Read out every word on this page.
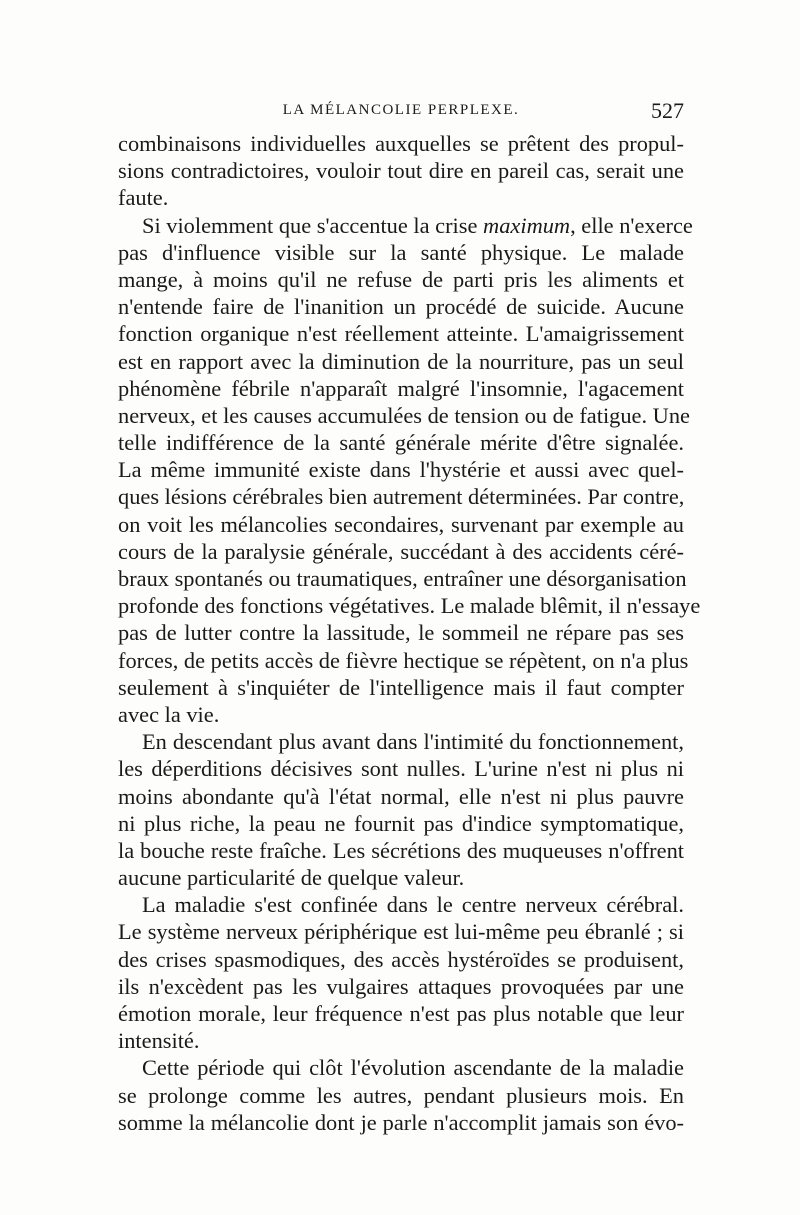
LA MÉLANCOLIE PERPLEXE.	527
combinaisons individuelles auxquelles se prêtent des propul-
sions contradictoires, vouloir tout dire en pareil cas, serait une
faute.
Si violemment que s'accentue la crise maximum, elle n'exerce
pas d'influence visible sur la santé physique. Le malade
mange, à moins qu'il ne refuse de parti pris les aliments et
n'entende faire de l'inanition un procédé de suicide. Aucune
fonction organique n'est réellement atteinte. L'amaigrissement
est en rapport avec la diminution de la nourriture, pas un seul
phénomène fébrile n'apparaît malgré l'insomnie, l'agacement
nerveux, et les causes accumulées de tension ou de fatigue. Une
telle indifférence de la santé générale mérite d'être signalée.
La même immunité existe dans l'hystérie et aussi avec quel-
ques lésions cérébrales bien autrement déterminées. Par contre,
on voit les mélancolies secondaires, survenant par exemple au
cours de la paralysie générale, succédant à des accidents céré-
braux spontanés ou traumatiques, entraîner une désorganisation
profonde des fonctions végétatives. Le malade blêmit, il n'essaye
pas de lutter contre la lassitude, le sommeil ne répare pas ses
forces, de petits accès de fièvre hectique se répètent, on n'a plus
seulement à s'inquiéter de l'intelligence mais il faut compter
avec la vie.
En descendant plus avant dans l'intimité du fonctionnement,
les déperditions décisives sont nulles. L'urine n'est ni plus ni
moins abondante qu'à l'état normal, elle n'est ni plus pauvre
ni plus riche, la peau ne fournit pas d'indice symptomatique,
la bouche reste fraîche. Les sécrétions des muqueuses n'offrent
aucune particularité de quelque valeur.
La maladie s'est confinée dans le centre nerveux cérébral.
Le système nerveux périphérique est lui-même peu ébranlé ; si
des crises spasmodiques, des accès hystéroïdes se produisent,
ils n'excèdent pas les vulgaires attaques provoquées par une
émotion morale, leur fréquence n'est pas plus notable que leur
intensité.
Cette période qui clôt l'évolution ascendante de la maladie
se prolonge comme les autres, pendant plusieurs mois. En
somme la mélancolie dont je parle n'accomplit jamais son évo-
